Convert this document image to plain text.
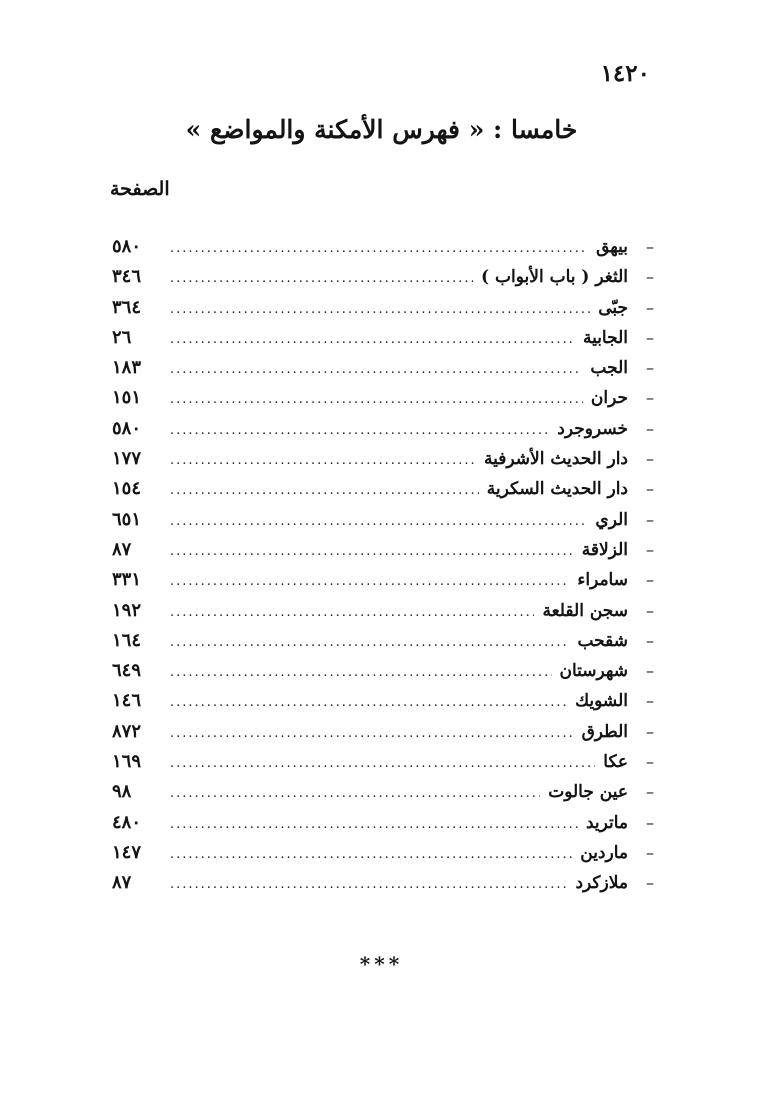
١٤٢٠
خامسا : « فهرس الأمكنة والمواضع »
الصفحة
–
بيهق
.....
٥٨٠
–
الثغر ( باب الأبواب )
.....
٣٤٦
–
جبّى
.....
٣٦٤
–
الجابية
.....
٢٦
–
الجب
.....
١٨٣
–
حران
.....
١٥١
–
خسروجرد
.....
٥٨٠
–
دار الحديث الأشرفية
.....
١٧٧
–
دار الحديث السكرية
.....
١٥٤
–
الري
.....
٦٥١
–
الزلاقة
.....
٨٧
–
سامراء
.....
٣٣١
–
سجن القلعة
.....
١٩٢
–
شقحب
.....
١٦٤
–
شهرستان
.....
٦٤٩
–
الشويك
.....
١٤٦
–
الطرق
.....
٨٧٢
–
عكا
.....
١٦٩
–
عين جالوت
.....
٩٨
–
ماتريد
.....
٤٨٠
–
ماردين
.....
١٤٧
–
ملازكرد
.....
٨٧
***
